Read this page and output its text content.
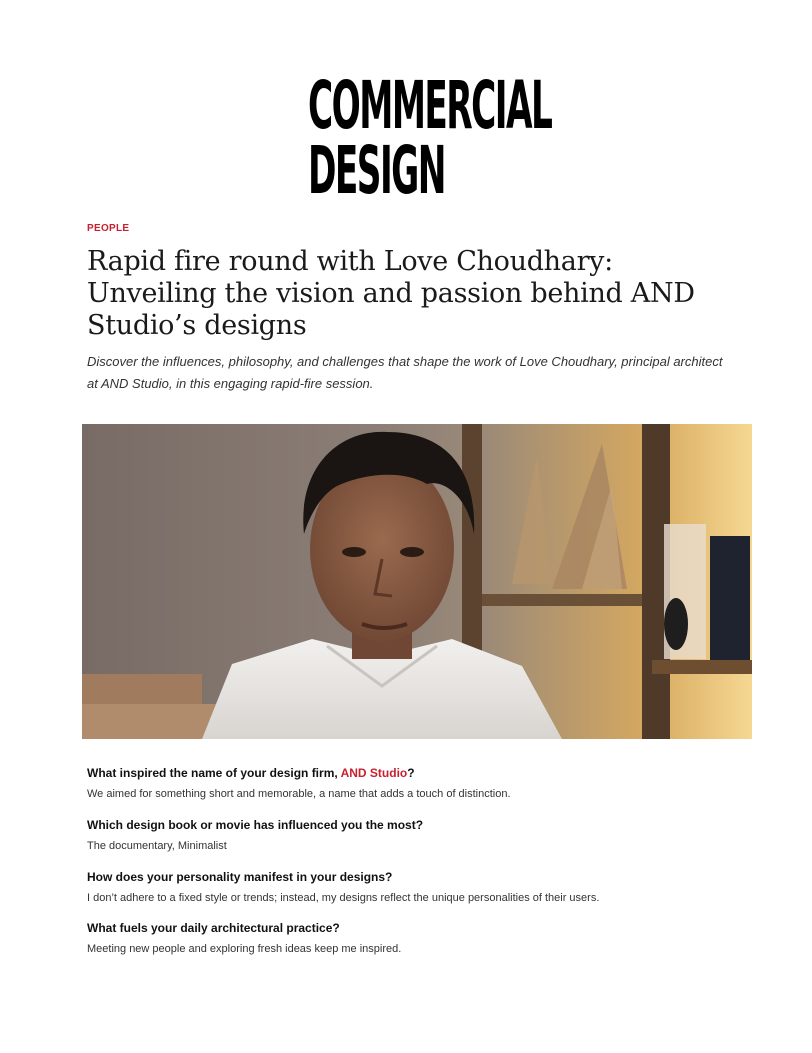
COMMERCIAL
DESIGN
PEOPLE
Rapid fire round with Love Choudhary: Unveiling the vision and passion behind AND Studio’s designs

Discover the influences, philosophy, and challenges that shape the work of Love Choudhary, principal architect at AND Studio, in this engaging rapid-fire session.

What inspired the name of your design firm, AND Studio?
We aimed for something short and memorable, a name that adds a touch of distinction.
Which design book or movie has influenced you the most?
The documentary, Minimalist
How does your personality manifest in your designs?
I don’t adhere to a fixed style or trends; instead, my designs reflect the unique personalities of their users.
What fuels your daily architectural practice?
Meeting new people and exploring fresh ideas keep me inspired.
